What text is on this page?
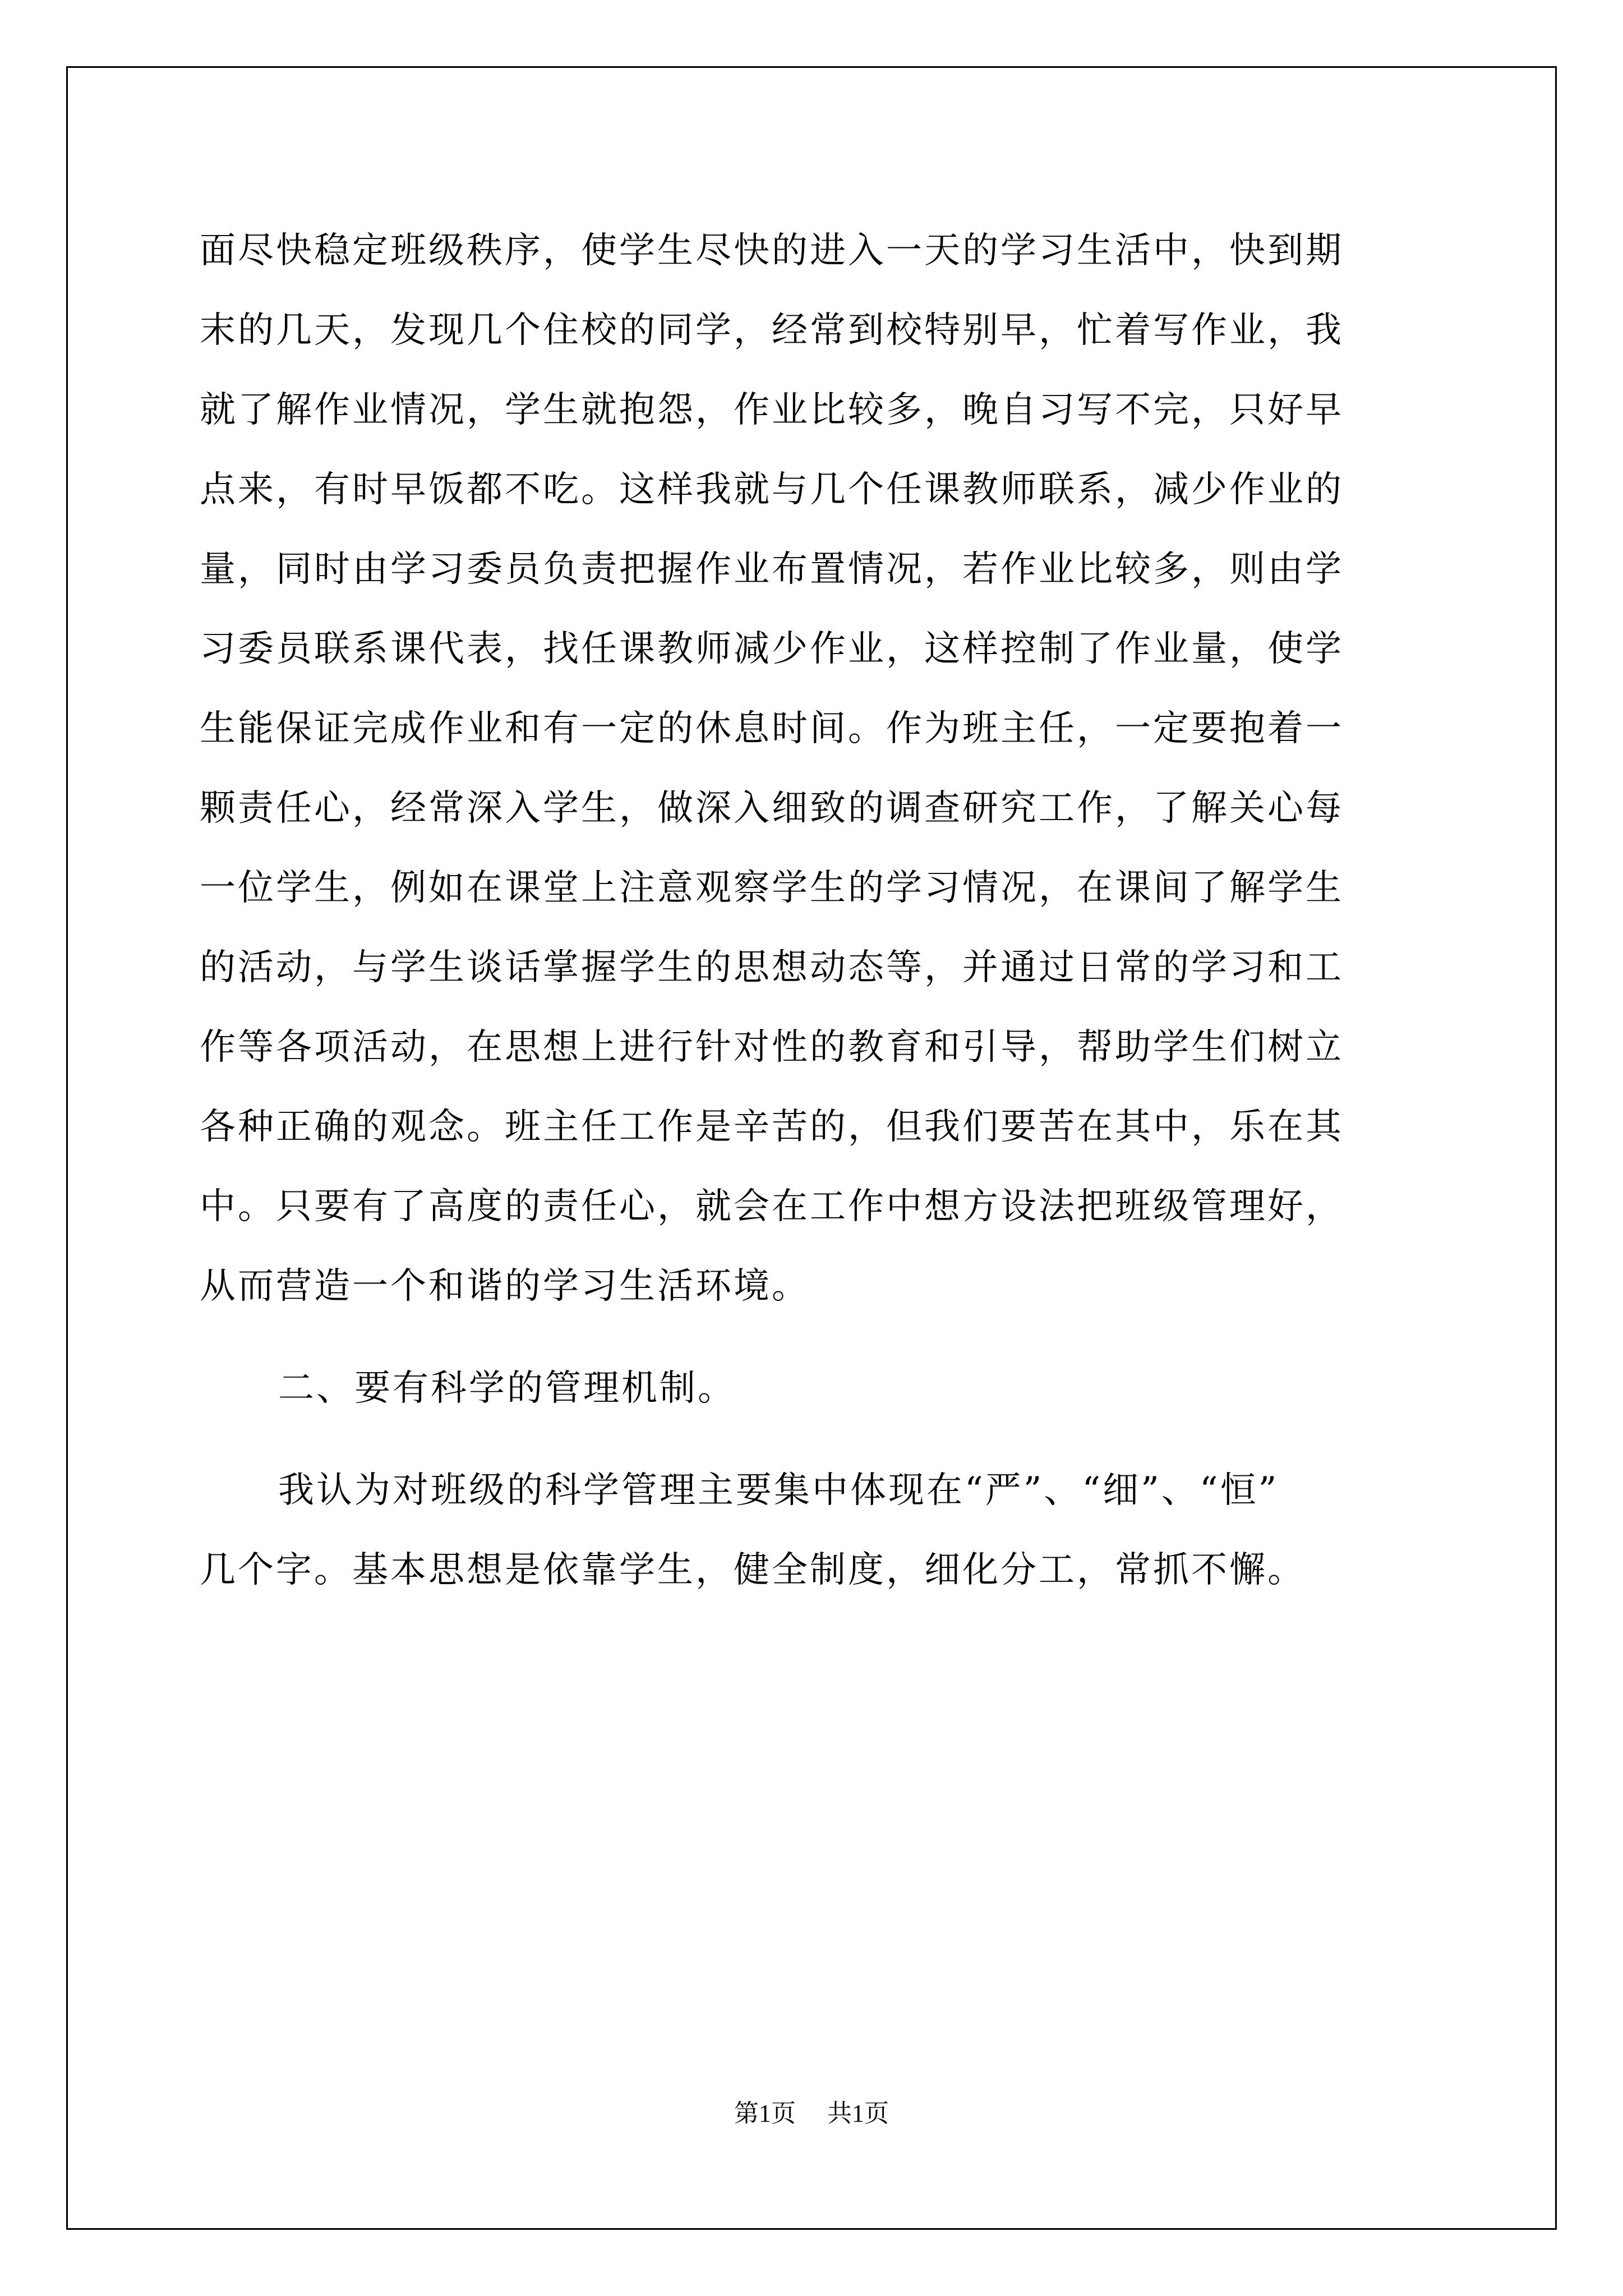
面尽快稳定班级秩序，使学生尽快的进入一天的学习生活中，快到期
末的几天，发现几个住校的同学，经常到校特别早，忙着写作业，我
就了解作业情况，学生就抱怨，作业比较多，晚自习写不完，只好早
点来，有时早饭都不吃。这样我就与几个任课教师联系，减少作业的
量，同时由学习委员负责把握作业布置情况，若作业比较多，则由学
习委员联系课代表，找任课教师减少作业，这样控制了作业量，使学
生能保证完成作业和有一定的休息时间。作为班主任，一定要抱着一
颗责任心，经常深入学生，做深入细致的调查研究工作，了解关心每
一位学生，例如在课堂上注意观察学生的学习情况，在课间了解学生
的活动，与学生谈话掌握学生的思想动态等，并通过日常的学习和工
作等各项活动，在思想上进行针对性的教育和引导，帮助学生们树立
各种正确的观念。班主任工作是辛苦的，但我们要苦在其中，乐在其
中。只要有了高度的责任心，就会在工作中想方设法把班级管理好，
从而营造一个和谐的学习生活环境。
二、要有科学的管理机制。
我认为对班级的科学管理主要集中体现在“严”、“细”、“恒”
几个字。基本思想是依靠学生，健全制度，细化分工，常抓不懈。
第1页 共1页
